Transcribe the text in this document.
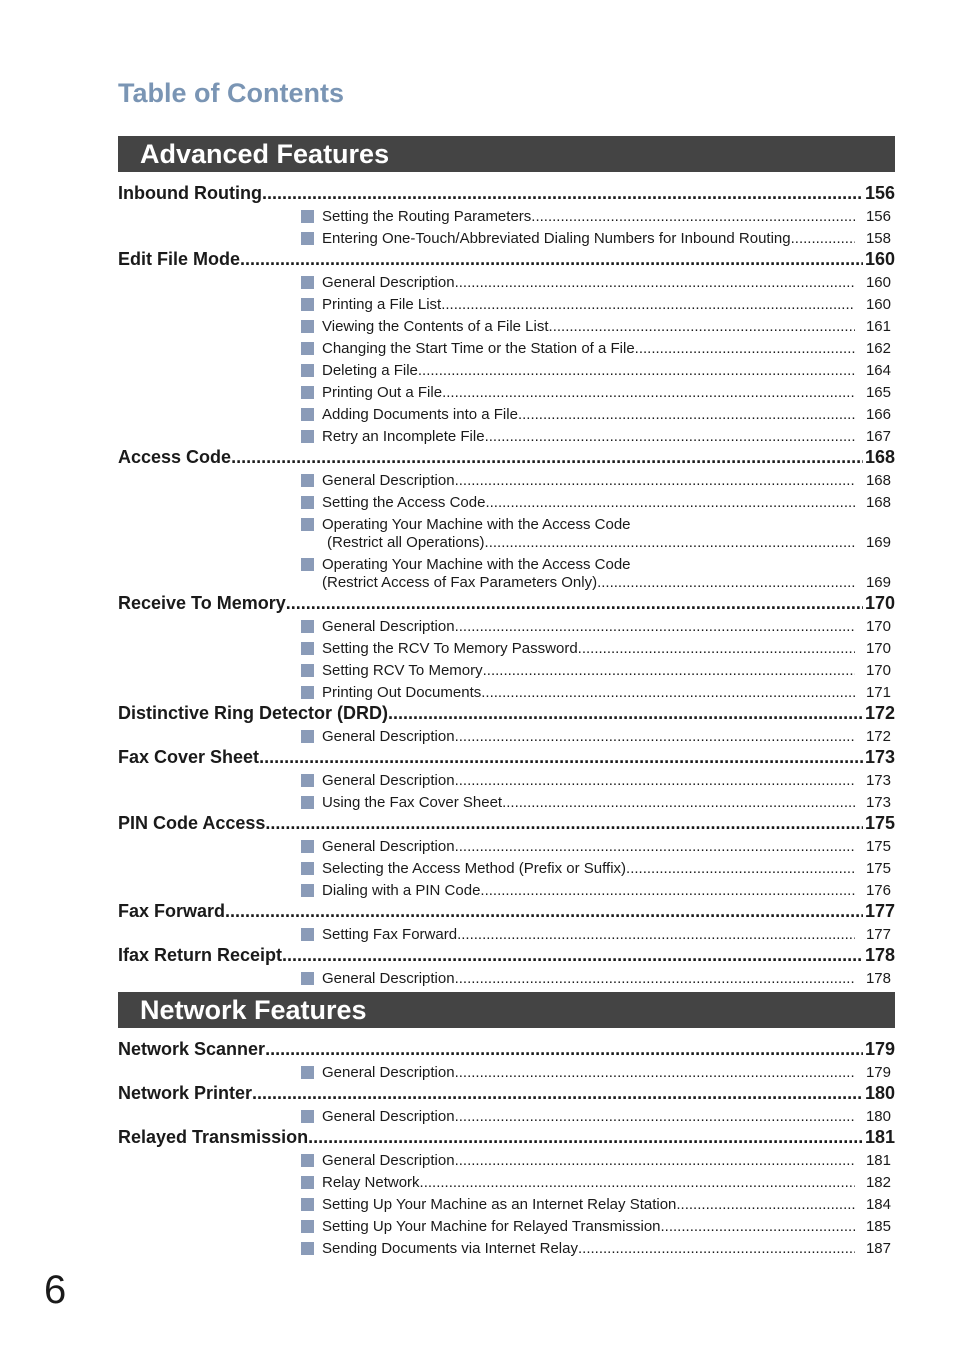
Table of Contents
Advanced Features
Inbound Routing .....	156
Setting the Routing Parameters .....	156
Entering One-Touch/Abbreviated Dialing Numbers for Inbound Routing .....	158
Edit File Mode .....	160
General Description .....	160
Printing a File List .....	160
Viewing the Contents of a File List .....	161
Changing the Start Time or the Station of a File .....	162
Deleting a File .....	164
Printing Out a File .....	165
Adding Documents into a File .....	166
Retry an Incomplete File .....	167
Access Code .....	168
General Description .....	168
Setting the Access Code .....	168
Operating Your Machine with the Access Code
(Restrict all Operations) .....	169
Operating Your Machine with the Access Code
(Restrict Access of Fax Parameters Only) .....	169
Receive To Memory .....	170
General Description .....	170
Setting the RCV To Memory Password .....	170
Setting RCV To Memory .....	170
Printing Out Documents .....	171
Distinctive Ring Detector (DRD) .....	172
General Description .....	172
Fax Cover Sheet .....	173
General Description .....	173
Using the Fax Cover Sheet .....	173
PIN Code Access .....	175
General Description .....	175
Selecting the Access Method (Prefix or Suffix) .....	175
Dialing with a PIN Code .....	176
Fax Forward .....	177
Setting Fax Forward .....	177
Ifax Return Receipt .....	178
General Description .....	178
Network Features
Network Scanner .....	179
General Description .....	179
Network Printer .....	180
General Description .....	180
Relayed Transmission .....	181
General Description .....	181
Relay Network .....	182
Setting Up Your Machine as an Internet Relay Station .....	184
Setting Up Your Machine for Relayed Transmission .....	185
Sending Documents via Internet Relay .....	187
6
